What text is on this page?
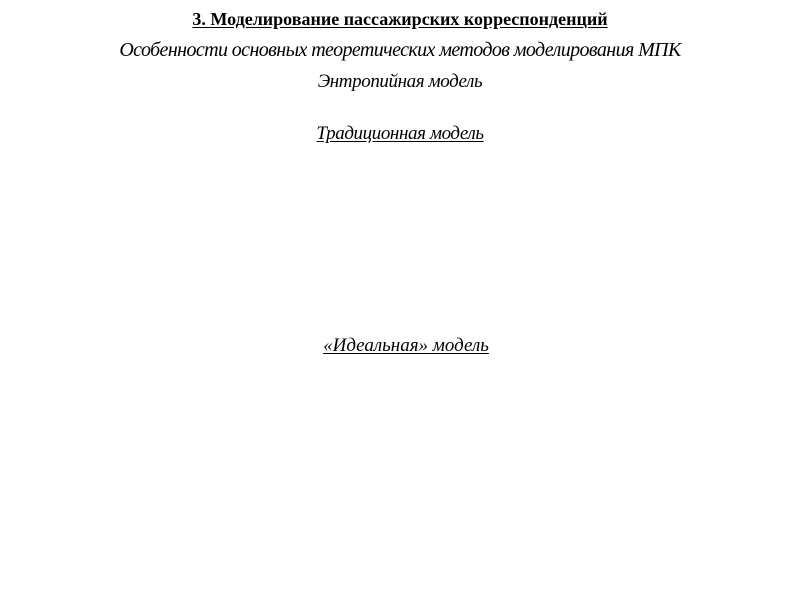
3. Моделирование пассажирских корреспонденций
Особенности основных теоретических методов моделирования МПК
Энтропийная модель
Традиционная модель
«Идеальная» модель
